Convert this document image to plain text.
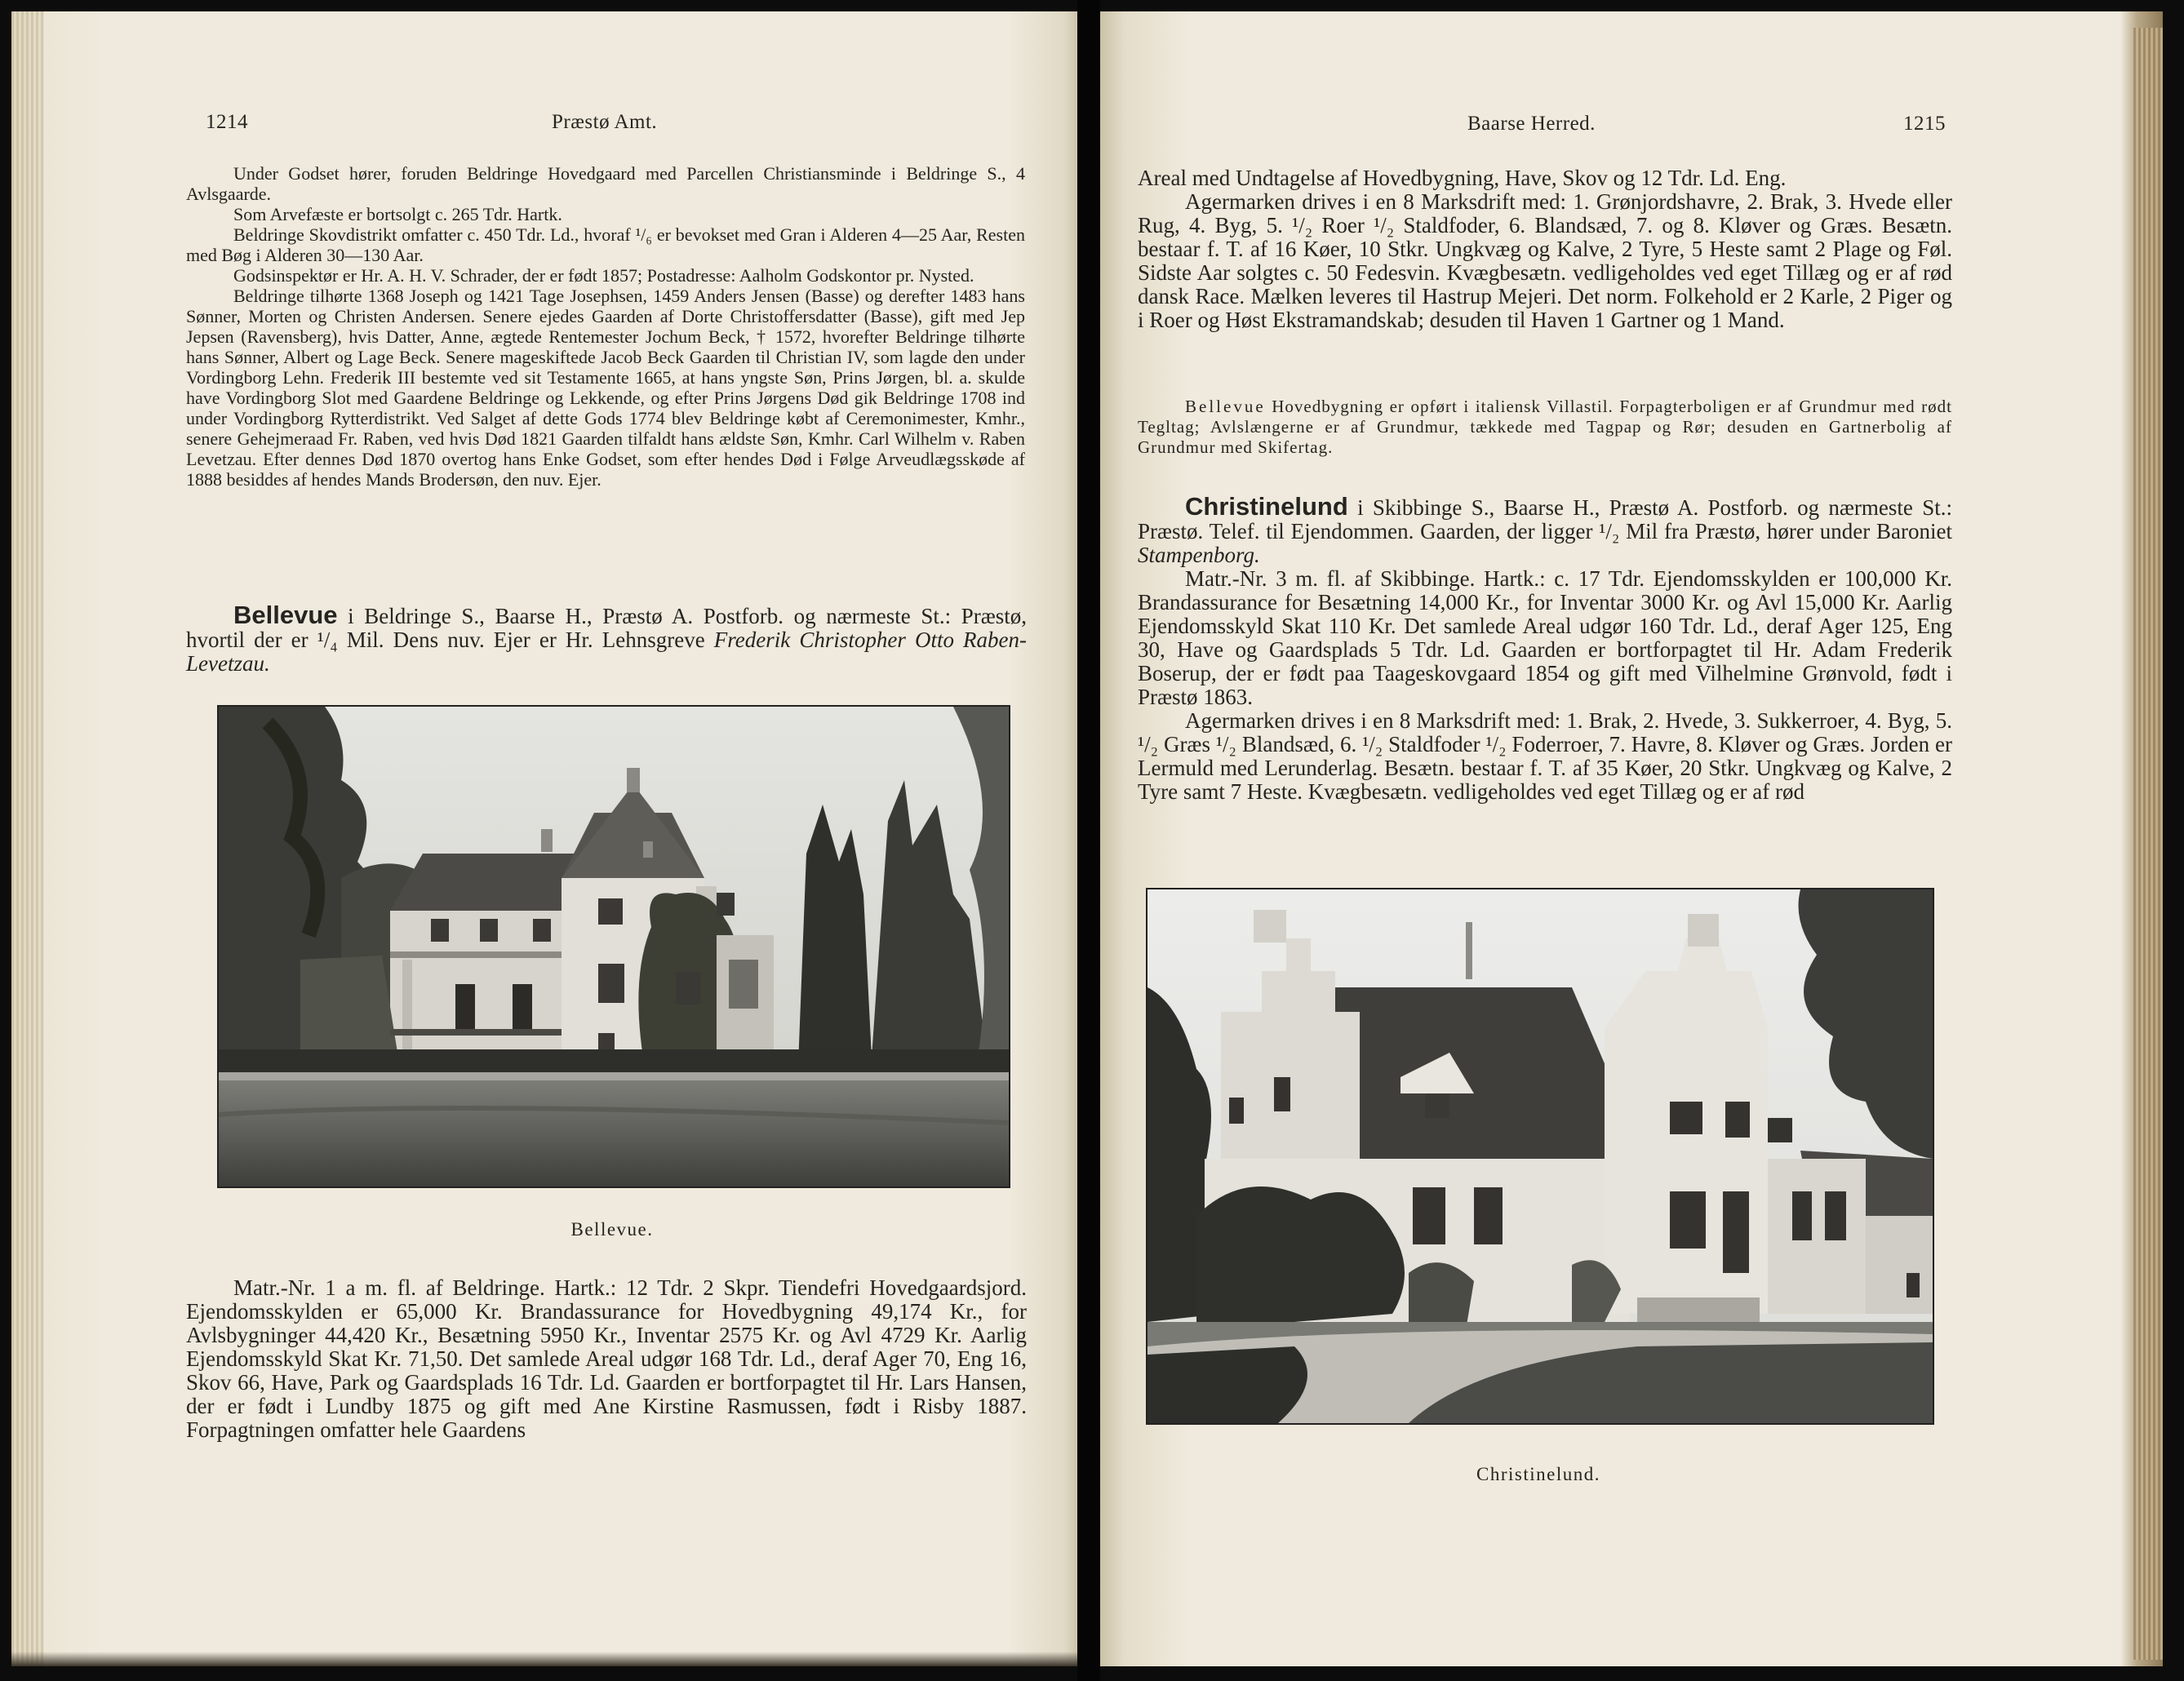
1214	Præstø Amt.

Under Godset hører, foruden Beldringe Hovedgaard med Parcellen Christiansminde i Beldringe S., 4 Avlsgaarde.

Som Arvefæste er bortsolgt c. 265 Tdr. Hartk.

Beldringe Skovdistrikt omfatter c. 450 Tdr. Ld., hvoraf ¹/₆ er bevokset med Gran i Alderen 4—25 Aar, Resten med Bøg i Alderen 30—130 Aar.

Godsinspektør er Hr. A. H. V. Schrader, der er født 1857; Postadresse: Aalholm Godskontor pr. Nysted.

Beldringe tilhørte 1368 Joseph og 1421 Tage Josephsen, 1459 Anders Jensen (Basse) og derefter 1483 hans Sønner, Morten og Christen Andersen. Senere ejedes Gaarden af Dorte Christoffersdatter (Basse), gift med Jep Jepsen (Ravensberg), hvis Datter, Anne, ægtede Rentemester Jochum Beck, † 1572, hvorefter Beldringe tilhørte hans Sønner, Albert og Lage Beck. Senere mageskiftede Jacob Beck Gaarden til Christian IV, som lagde den under Vordingborg Lehn. Frederik III bestemte ved sit Testamente 1665, at hans yngste Søn, Prins Jørgen, bl. a. skulde have Vordingborg Slot med Gaardene Beldringe og Lekkende, og efter Prins Jørgens Død gik Beldringe 1708 ind under Vordingborg Rytterdistrikt. Ved Salget af dette Gods 1774 blev Beldringe købt af Ceremonimester, Kmhr., senere Gehejmeraad Fr. Raben, ved hvis Død 1821 Gaarden tilfaldt hans ældste Søn, Kmhr. Carl Wilhelm v. Raben Levetzau. Efter dennes Død 1870 overtog hans Enke Godset, som efter hendes Død i Følge Arveudlægsskøde af 1888 besiddes af hendes Mands Brodersøn, den nuv. Ejer.

Bellevue i Beldringe S., Baarse H., Præstø A. Postforb. og nærmeste St.: Præstø, hvortil der er ¹/₄ Mil. Dens nuv. Ejer er Hr. Lehnsgreve Frederik Christopher Otto Raben-Levetzau.

Bellevue.

Matr.-Nr. 1 a m. fl. af Beldringe. Hartk.: 12 Tdr. 2 Skpr. Tiendefri Hovedgaardsjord. Ejendomsskylden er 65,000 Kr. Brandassurance for Hovedbygning 49,174 Kr., for Avlsbygninger 44,420 Kr., Besætning 5950 Kr., Inventar 2575 Kr. og Avl 4729 Kr. Aarlig Ejendomsskyld Skat Kr. 71,50. Det samlede Areal udgør 168 Tdr. Ld., deraf Ager 70, Eng 16, Skov 66, Have, Park og Gaardsplads 16 Tdr. Ld. Gaarden er bortforpagtet til Hr. Lars Hansen, der er født i Lundby 1875 og gift med Ane Kirstine Rasmussen, født i Risby 1887. Forpagtningen omfatter hele Gaardens

Baarse Herred.	1215

Areal med Undtagelse af Hovedbygning, Have, Skov og 12 Tdr. Ld. Eng.

Agermarken drives i en 8 Marksdrift med: 1. Grønjordshavre, 2. Brak, 3. Hvede eller Rug, 4. Byg, 5. ¹/₂ Roer ¹/₂ Staldfoder, 6. Blandsæd, 7. og 8. Kløver og Græs. Besætn. bestaar f. T. af 16 Køer, 10 Stkr. Ungkvæg og Kalve, 2 Tyre, 5 Heste samt 2 Plage og Føl. Sidste Aar solgtes c. 50 Fedesvin. Kvægbesætn. vedligeholdes ved eget Tillæg og er af rød dansk Race. Mælken leveres til Hastrup Mejeri. Det norm. Folkehold er 2 Karle, 2 Piger og i Roer og Høst Ekstramandskab; desuden til Haven 1 Gartner og 1 Mand.

Bellevue Hovedbygning er opført i italiensk Villastil. Forpagterboligen er af Grundmur med rødt Tegltag; Avlslængerne er af Grundmur, tækkede med Tagpap og Rør; desuden en Gartnerbolig af Grundmur med Skifertag.

Christinelund i Skibbinge S., Baarse H., Præstø A. Postforb. og nærmeste St.: Præstø. Telef. til Ejendommen. Gaarden, der ligger ¹/₂ Mil fra Præstø, hører under Baroniet Stampenborg.

Matr.-Nr. 3 m. fl. af Skibbinge. Hartk.: c. 17 Tdr. Ejendomsskylden er 100,000 Kr. Brandassurance for Besætning 14,000 Kr., for Inventar 3000 Kr. og Avl 15,000 Kr. Aarlig Ejendomsskyld Skat 110 Kr. Det samlede Areal udgør 160 Tdr. Ld., deraf Ager 125, Eng 30, Have og Gaardsplads 5 Tdr. Ld. Gaarden er bortforpagtet til Hr. Adam Frederik Boserup, der er født paa Taageskovgaard 1854 og gift med Vilhelmine Grønvold, født i Præstø 1863.

Agermarken drives i en 8 Marksdrift med: 1. Brak, 2. Hvede, 3. Sukkerroer, 4. Byg, 5. ¹/₂ Græs ¹/₂ Blandsæd, 6. ¹/₂ Staldfoder ¹/₂ Foderroer, 7. Havre, 8. Kløver og Græs. Jorden er Lermuld med Lerunderlag. Besætn. bestaar f. T. af 35 Køer, 20 Stkr. Ungkvæg og Kalve, 2 Tyre samt 7 Heste. Kvægbesætn. vedligeholdes ved eget Tillæg og er af rød

Christinelund.
